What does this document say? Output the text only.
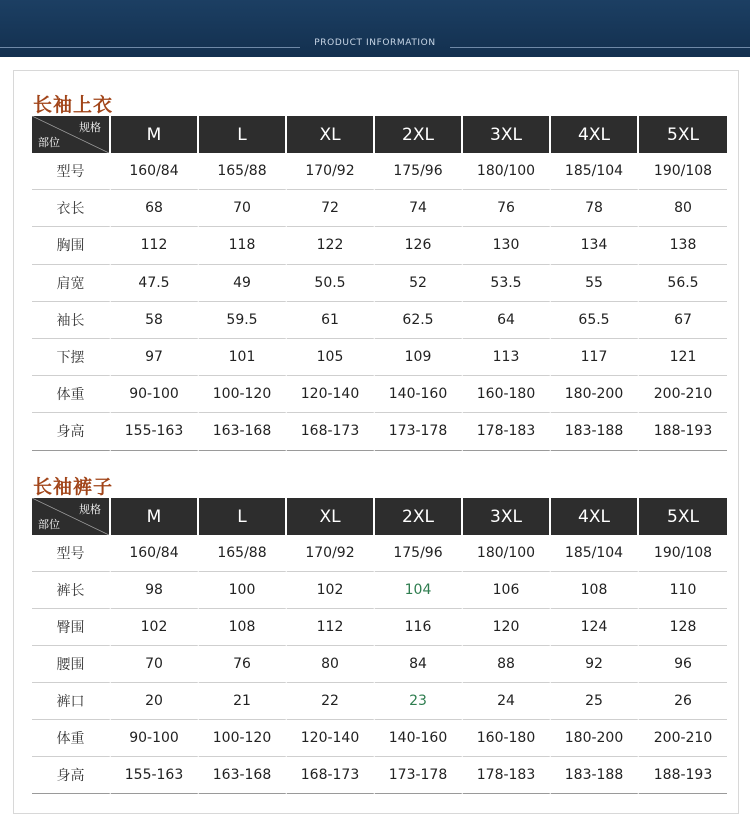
PRODUCT INFORMATION
长袖上衣
规格
部位	M	L	XL	2XL	3XL	4XL	5XL
型号	160/84	165/88	170/92	175/96	180/100	185/104	190/108
衣长	68	70	72	74	76	78	80
胸围	112	118	122	126	130	134	138
肩宽	47.5	49	50.5	52	53.5	55	56.5
袖长	58	59.5	61	62.5	64	65.5	67
下摆	97	101	105	109	113	117	121
体重	90-100	100-120	120-140	140-160	160-180	180-200	200-210
身高	155-163	163-168	168-173	173-178	178-183	183-188	188-193
长袖裤子
规格
部位	M	L	XL	2XL	3XL	4XL	5XL
型号	160/84	165/88	170/92	175/96	180/100	185/104	190/108
裤长	98	100	102	104	106	108	110
臀围	102	108	112	116	120	124	128
腰围	70	76	80	84	88	92	96
裤口	20	21	22	23	24	25	26
体重	90-100	100-120	120-140	140-160	160-180	180-200	200-210
身高	155-163	163-168	168-173	173-178	178-183	183-188	188-193
